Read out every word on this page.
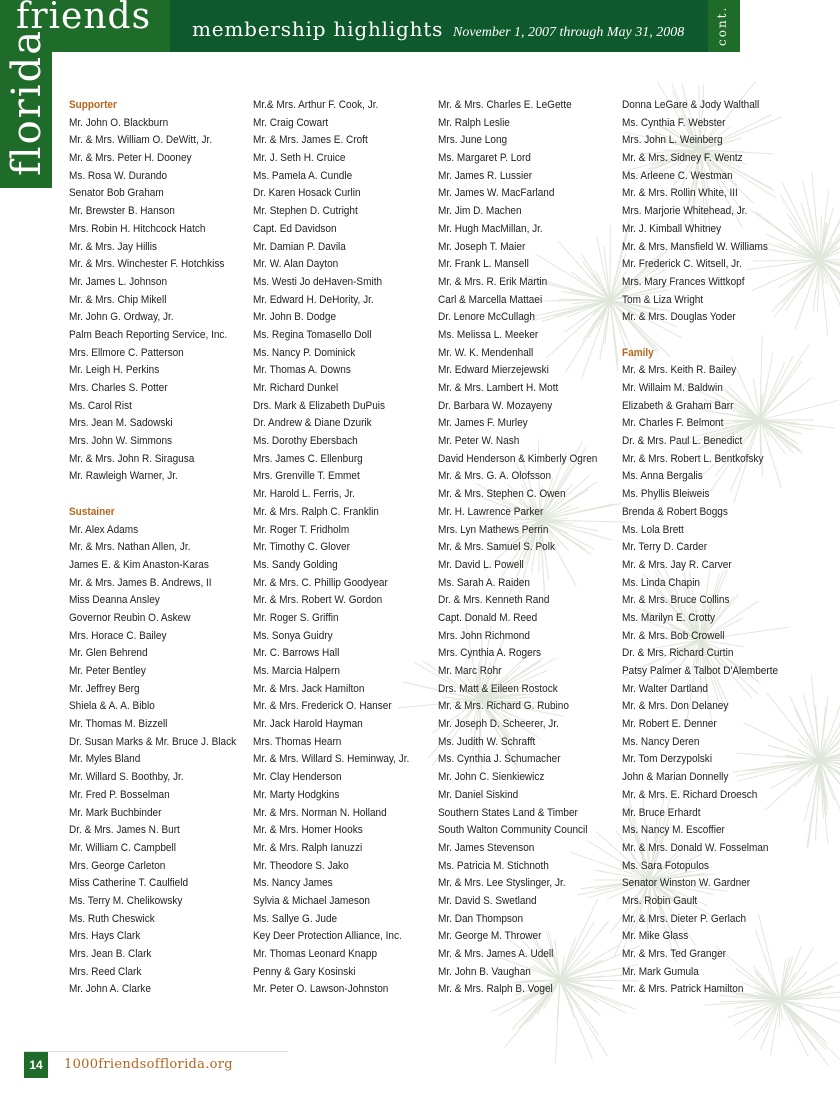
friends
florida	membership highlights November 1, 2007 through May 31, 2008	cont.
Supporter
Mr. John O. Blackburn
Mr. & Mrs. William O. DeWitt, Jr.
Mr. & Mrs. Peter H. Dooney
Ms. Rosa W. Durando
Senator Bob Graham
Mr. Brewster B. Hanson
Mrs. Robin H. Hitchcock Hatch
Mr. & Mrs. Jay Hillis
Mr. & Mrs. Winchester F. Hotchkiss
Mr. James L. Johnson
Mr. & Mrs. Chip Mikell
Mr. John G. Ordway, Jr.
Palm Beach Reporting Service, Inc.
Mrs. Ellmore C. Patterson
Mr. Leigh H. Perkins
Mrs. Charles S. Potter
Ms. Carol Rist
Mrs. Jean M. Sadowski
Mrs. John W. Simmons
Mr. & Mrs. John R. Siragusa
Mr. Rawleigh Warner, Jr.
Sustainer
Mr. Alex Adams
Mr. & Mrs. Nathan Allen, Jr.
James E. & Kim Anaston-Karas
Mr. & Mrs. James B. Andrews, II
Miss Deanna Ansley
Governor Reubin O. Askew
Mrs. Horace C. Bailey
Mr. Glen Behrend
Mr. Peter Bentley
Mr. Jeffrey Berg
Shiela & A. A. Biblo
Mr. Thomas M. Bizzell
Dr. Susan Marks & Mr. Bruce J. Black
Mr. Myles Bland
Mr. Willard S. Boothby, Jr.
Mr. Fred P. Bosselman
Mr. Mark Buchbinder
Dr. & Mrs. James N. Burt
Mr. William C. Campbell
Mrs. George Carleton
Miss Catherine T. Caulfield
Ms. Terry M. Chelikowsky
Ms. Ruth Cheswick
Mrs. Hays Clark
Mrs. Jean B. Clark
Mrs. Reed Clark
Mr. John A. Clarke
Mr.& Mrs. Arthur F. Cook, Jr.
Mr. Craig Cowart
Mr. & Mrs. James E. Croft
Mr. J. Seth H. Cruice
Ms. Pamela A. Cundle
Dr. Karen Hosack Curlin
Mr. Stephen D. Cutright
Capt. Ed Davidson
Mr. Damian P. Davila
Mr. W. Alan Dayton
Ms. Westi Jo deHaven-Smith
Mr. Edward H. DeHority, Jr.
Mr. John B. Dodge
Ms. Regina Tomasello Doll
Ms. Nancy P. Dominick
Mr. Thomas A. Downs
Mr. Richard Dunkel
Drs. Mark & Elizabeth DuPuis
Dr. Andrew & Diane Dzurik
Ms. Dorothy Ebersbach
Mrs. James C. Ellenburg
Mrs. Grenville T. Emmet
Mr. Harold L. Ferris, Jr.
Mr. & Mrs. Ralph C. Franklin
Mr. Roger T. Fridholm
Mr. Timothy C. Glover
Ms. Sandy Golding
Mr. & Mrs. C. Phillip Goodyear
Mr. & Mrs. Robert W. Gordon
Mr. Roger S. Griffin
Ms. Sonya Guidry
Mr. C. Barrows Hall
Ms. Marcia Halpern
Mr. & Mrs. Jack Hamilton
Mr. & Mrs. Frederick O. Hanser
Mr. Jack Harold Hayman
Mrs. Thomas Hearn
Mr. & Mrs. Willard S. Heminway, Jr.
Mr. Clay Henderson
Mr. Marty Hodgkins
Mr. & Mrs. Norman N. Holland
Mr. & Mrs. Homer Hooks
Mr. & Mrs. Ralph Ianuzzi
Mr. Theodore S. Jako
Ms. Nancy James
Sylvia & Michael Jameson
Ms. Sallye G. Jude
Key Deer Protection Alliance, Inc.
Mr. Thomas Leonard Knapp
Penny & Gary Kosinski
Mr. Peter O. Lawson-Johnston
Mr. & Mrs. Charles E. LeGette
Mr. Ralph Leslie
Mrs. June Long
Ms. Margaret P. Lord
Mr. James R. Lussier
Mr. James W. MacFarland
Mr. Jim D. Machen
Mr. Hugh MacMillan, Jr.
Mr. Joseph T. Maier
Mr. Frank L. Mansell
Mr. & Mrs. R. Erik Martin
Carl & Marcella Mattaei
Dr. Lenore McCullagh
Ms. Melissa L. Meeker
Mr. W. K. Mendenhall
Mr. Edward Mierzejewski
Mr. & Mrs. Lambert H. Mott
Dr. Barbara W. Mozayeny
Mr. James F. Murley
Mr. Peter W. Nash
David Henderson & Kimberly Ogren
Mr. & Mrs. G. A. Olofsson
Mr. & Mrs. Stephen C. Owen
Mr. H. Lawrence Parker
Mrs. Lyn Mathews Perrin
Mr. & Mrs. Samuel S. Polk
Mr. David L. Powell
Ms. Sarah A. Raiden
Dr. & Mrs. Kenneth Rand
Capt. Donald M. Reed
Mrs. John Richmond
Mrs. Cynthia A. Rogers
Mr. Marc Rohr
Drs. Matt & Eileen Rostock
Mr. & Mrs. Richard G. Rubino
Mr. Joseph D. Scheerer, Jr.
Ms. Judith W. Schrafft
Ms. Cynthia J. Schumacher
Mr. John C. Sienkiewicz
Mr. Daniel Siskind
Southern States Land & Timber
South Walton Community Council
Mr. James Stevenson
Ms. Patricia M. Stichnoth
Mr. & Mrs. Lee Styslinger, Jr.
Mr. David S. Swetland
Mr. Dan Thompson
Mr. George M. Thrower
Mr. & Mrs. James A. Udell
Mr. John B. Vaughan
Mr. & Mrs. Ralph B. Vogel
Donna LeGare & Jody Walthall
Ms. Cynthia F. Webster
Mrs. John L. Weinberg
Mr. & Mrs. Sidney F. Wentz
Ms. Arleene C. Westman
Mr. & Mrs. Rollin White, III
Mrs. Marjorie Whitehead, Jr.
Mr. J. Kimball Whitney
Mr. & Mrs. Mansfield W. Williams
Mr. Frederick C. Witsell, Jr.
Mrs. Mary Frances Wittkopf
Tom & Liza Wright
Mr. & Mrs. Douglas Yoder
Family
Mr. & Mrs. Keith R. Bailey
Mr. Willaim M. Baldwin
Elizabeth & Graham Barr
Mr. Charles F. Belmont
Dr. & Mrs. Paul L. Benedict
Mr. & Mrs. Robert L. Bentkofsky
Ms. Anna Bergalis
Ms. Phyllis Bleiweis
Brenda & Robert Boggs
Ms. Lola Brett
Mr. Terry D. Carder
Mr. & Mrs. Jay R. Carver
Ms. Linda Chapin
Mr. & Mrs. Bruce Collins
Ms. Marilyn E. Crotty
Mr. & Mrs. Bob Crowell
Dr. & Mrs. Richard Curtin
Patsy Palmer & Talbot D'Alemberte
Mr. Walter Dartland
Mr. & Mrs. Don Delaney
Mr. Robert E. Denner
Ms. Nancy Deren
Mr. Tom Derzypolski
John & Marian Donnelly
Mr. & Mrs. E. Richard Droesch
Mr. Bruce Erhardt
Ms. Nancy M. Escoffier
Mr. & Mrs. Donald W. Fosselman
Ms. Sara Fotopulos
Senator Winston W. Gardner
Mrs. Robin Gault
Mr. & Mrs. Dieter P. Gerlach
Mr. Mike Glass
Mr. & Mrs. Ted Granger
Mr. Mark Gumula
Mr. & Mrs. Patrick Hamilton
14	1000friendsofflorida.org
